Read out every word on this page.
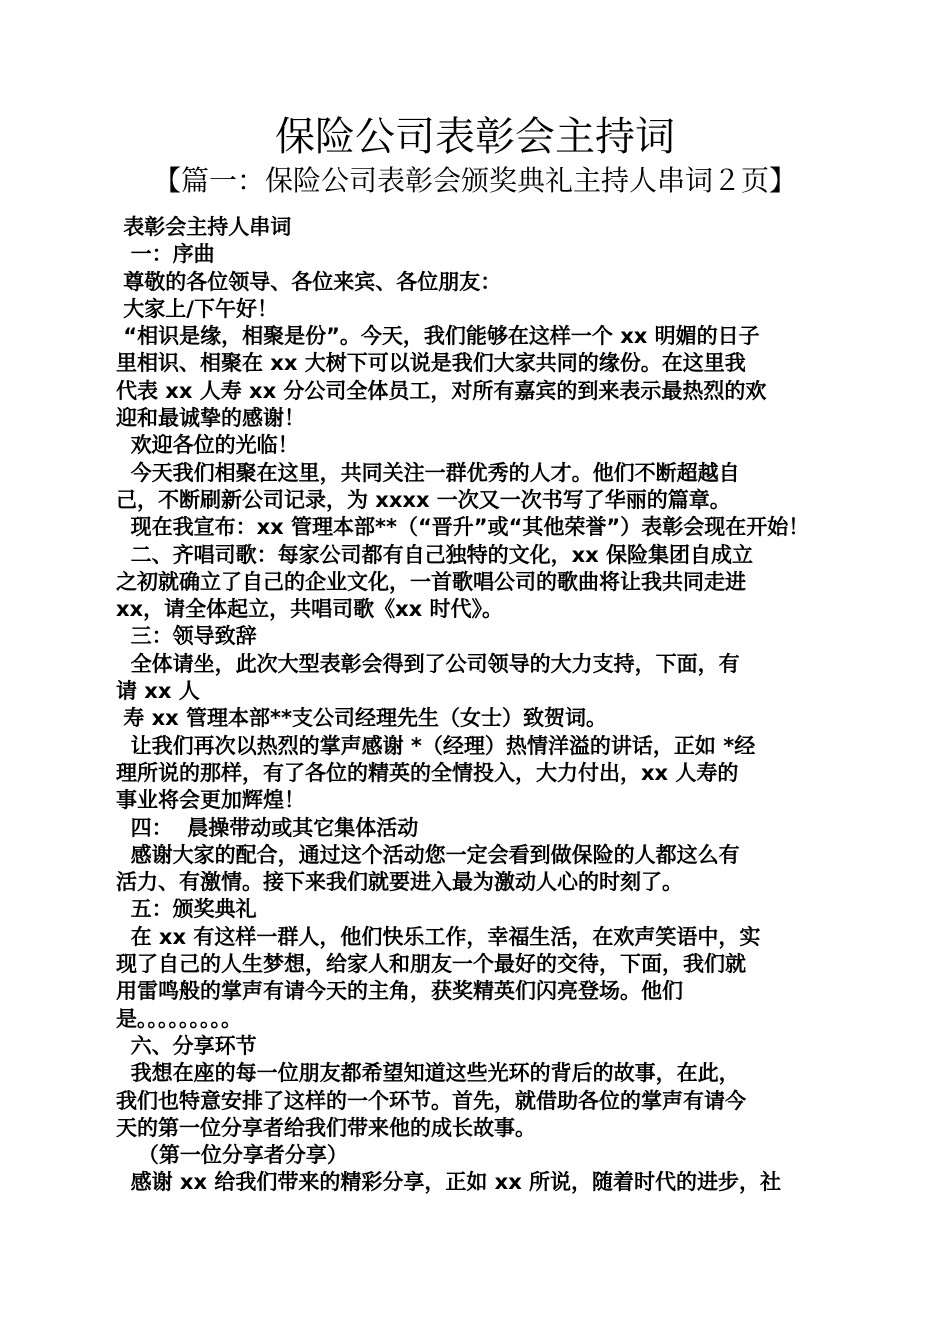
保险公司表彰会主持词
【篇一：保险公司表彰会颁奖典礼主持人串词２页】
表彰会主持人串词
一：序曲
尊敬的各位领导、各位来宾、各位朋友：
大家上/下午好！
“相识是缘，相聚是份”。今天，我们能够在这样一个 xx 明媚的日子
里相识、相聚在 xx 大树下可以说是我们大家共同的缘份。在这里我
代表 xx 人寿 xx 分公司全体员工，对所有嘉宾的到来表示最热烈的欢
迎和最诚挚的感谢！
欢迎各位的光临！
今天我们相聚在这里，共同关注一群优秀的人才。他们不断超越自
己，不断刷新公司记录，为 xxxx 一次又一次书写了华丽的篇章。
现在我宣布：xx 管理本部**（“晋升”或“其他荣誉”）表彰会现在开始！
二、齐唱司歌：每家公司都有自己独特的文化，xx 保险集团自成立
之初就确立了自己的企业文化，一首歌唱公司的歌曲将让我共同走进
xx，请全体起立，共唱司歌《xx 时代》。
三：领导致辞
全体请坐，此次大型表彰会得到了公司领导的大力支持，下面，有
请 xx 人
寿 xx 管理本部**支公司经理先生（女士）致贺词。
让我们再次以热烈的掌声感谢 *（经理）热情洋溢的讲话，正如 *经
理所说的那样，有了各位的精英的全情投入，大力付出，xx 人寿的
事业将会更加辉煌！
四：  晨操带动或其它集体活动
感谢大家的配合，通过这个活动您一定会看到做保险的人都这么有
活力、有激情。接下来我们就要进入最为激动人心的时刻了。
五：颁奖典礼
在 xx 有这样一群人，他们快乐工作，幸福生活，在欢声笑语中，实
现了自己的人生梦想，给家人和朋友一个最好的交待，下面，我们就
用雷鸣般的掌声有请今天的主角，获奖精英们闪亮登场。他们
是。。。。。。。。。
六、分享环节
我想在座的每一位朋友都希望知道这些光环的背后的故事，在此，
我们也特意安排了这样的一个环节。首先，就借助各位的掌声有请今
天的第一位分享者给我们带来他的成长故事。
（第一位分享者分享）
感谢 xx 给我们带来的精彩分享，正如 xx 所说，随着时代的进步，社
